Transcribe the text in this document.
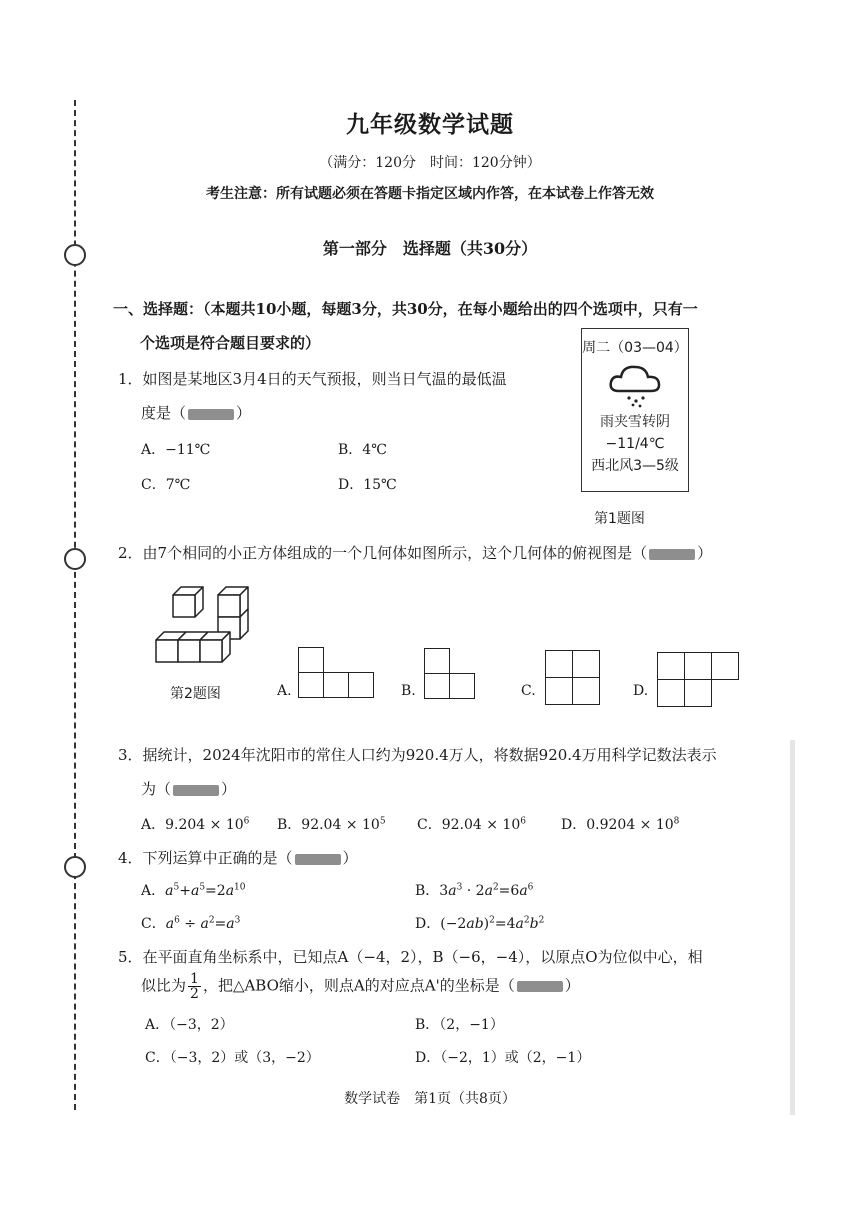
九年级数学试题
（满分：120分　时间：120分钟）
考生注意：所有试题必须在答题卡指定区域内作答，在本试卷上作答无效
第一部分　选择题（共30分）
一、选择题：（本题共10小题，每题3分，共30分，在每小题给出的四个选项中，只有一
个选项是符合题目要求的）
1．如图是某地区3月4日的天气预报，则当日气温的最低温
度是（	）
A．−11℃	B．4℃
C．7℃	D．15℃
周二（03—04）
雨夹雪转阴
−11/4℃
西北风3—5级
第1题图
2．由7个相同的小正方体组成的一个几何体如图所示，这个几何体的俯视图是（	）
第2题图	A.	B.	C.	D.
3．据统计，2024年沈阳市的常住人口约为920.4万人，将数据920.4万用科学记数法表示
为（	）
A．$9.204 \times 10^6$ B．$92.04 \times 10^5$ C．$92.04 \times 10^6$	D．$0.9204 \times 10^8$
4．下列运算中正确的是（	）
A．$a^5+a^5=2a^{10}$	B．$3a^3 \cdot 2a^2=6a^6$
C．$a^6 \div a^2=a^3$	D．$(-2ab)^2=4a^2b^2$
5．在平面直角坐标系中，已知点A（−4，2），B（−6，−4），以原点O为位似中心，相
似比为 $\frac{1}{2}$ ，把△ABO缩小，则点A的对应点A'的坐标是（	）
A．（−3，2）	B．（2，−1）
C．（−3，2）或（3，−2）	D．（−2，1）或（2，−1）
数学试卷　第1页（共8页）
